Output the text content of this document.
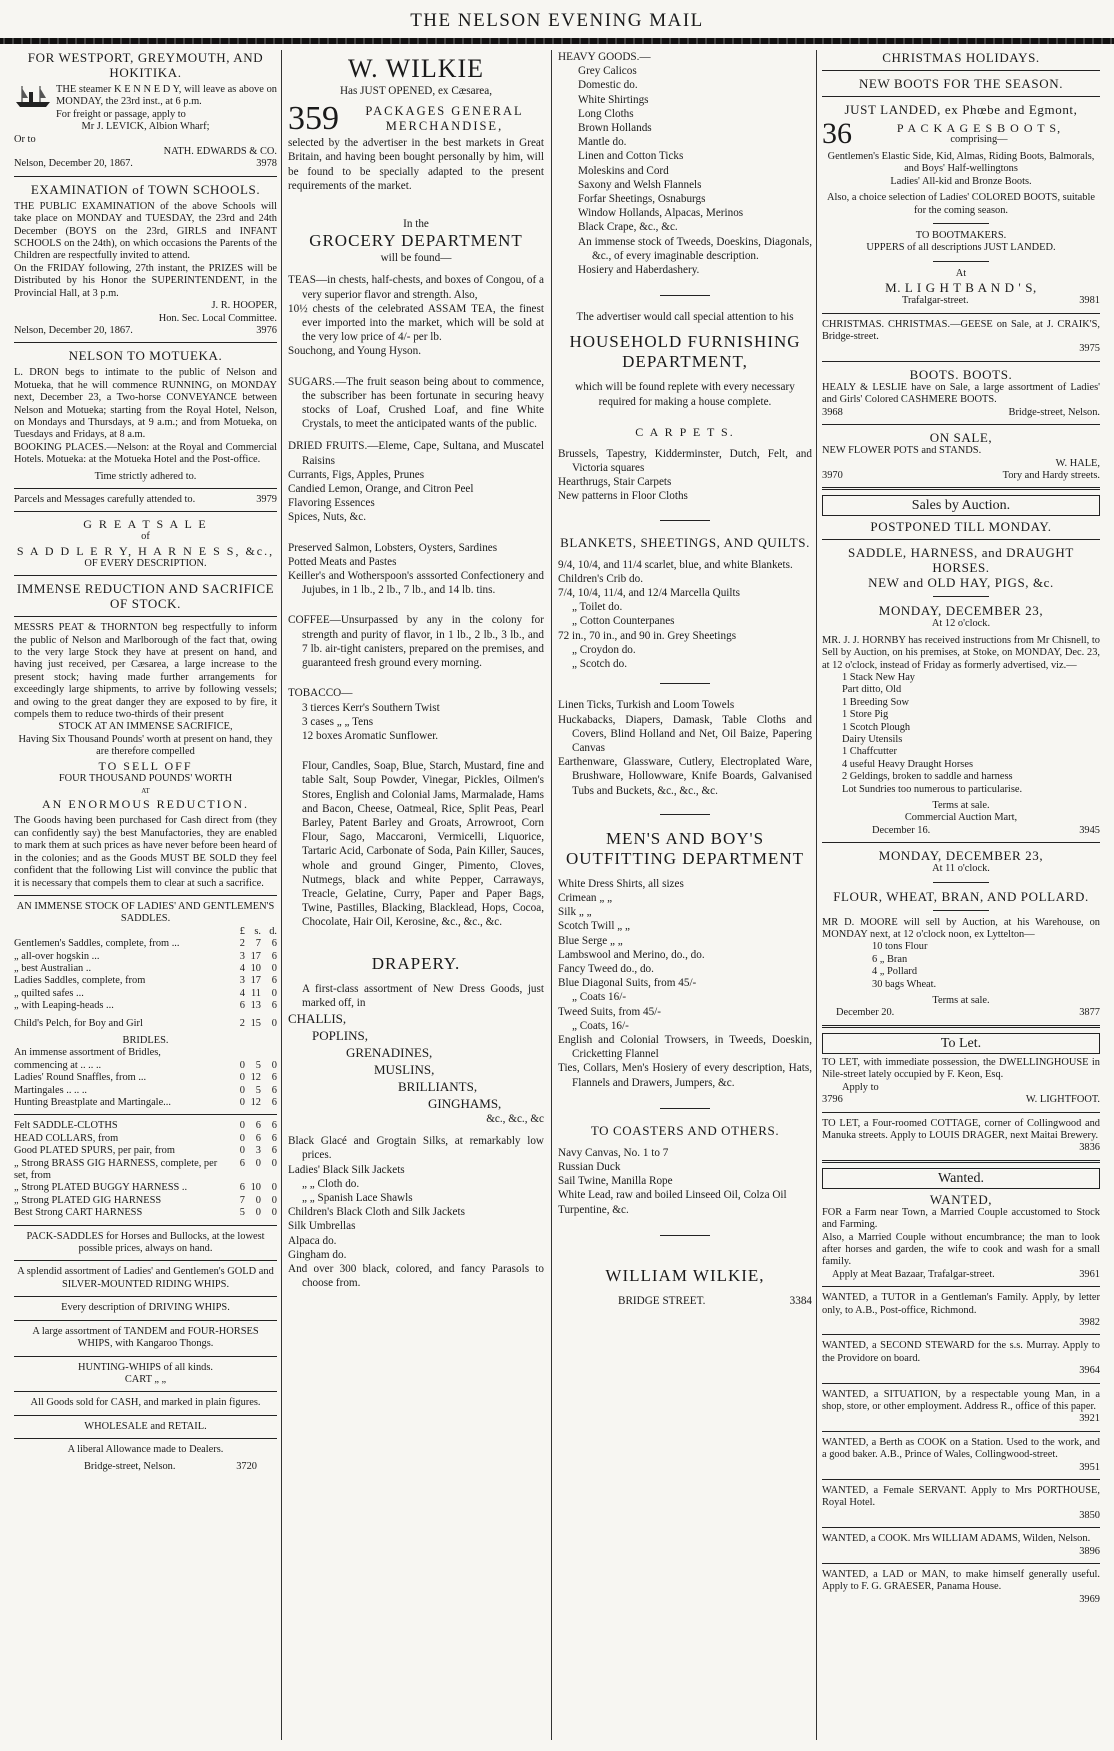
THE NELSON EVENING MAIL

FOR WESTPORT, GREYMOUTH, AND HOKITIKA.

THE steamer K E N N E D Y, will leave as above on MONDAY, the 23rd inst., at 6 p.m.

For freight or passage, apply to

Mr J. LEVICK, Albion Wharf;

Or to

NATH. EDWARDS & CO.

Nelson, December 20, 1867.	3978

EXAMINATION of TOWN SCHOOLS.

THE PUBLIC EXAMINATION of the above Schools will take place on MONDAY and TUESDAY, the 23rd and 24th December (BOYS on the 23rd, GIRLS and INFANT SCHOOLS on the 24th), on which occasions the Parents of the Children are respectfully invited to attend.

On the FRIDAY following, 27th instant, the PRIZES will be Distributed by his Honor the SUPERINTENDENT, in the Provincial Hall, at 3 p.m.

J. R. HOOPER,

Hon. Sec. Local Committee.

Nelson, December 20, 1867.	3976

NELSON TO MOTUEKA.

L. DRON begs to intimate to the public of Nelson and Motueka, that he will commence RUNNING, on MONDAY next, December 23, a Two-horse CONVEYANCE between Nelson and Motueka; starting from the Royal Hotel, Nelson, on Mondays and Thursdays, at 9 a.m.; and from Motueka, on Tuesdays and Fridays, at 8 a.m.

BOOKING PLACES.—Nelson: at the Royal and Commercial Hotels. Motueka: at the Motueka Hotel and the Post-office.

Time strictly adhered to.

Parcels and Messages carefully attended to.	3979

G R E A T S A L E

of

S A D D L E R Y, H A R N E S S, &c.,

OF EVERY DESCRIPTION.

IMMENSE REDUCTION AND SACRIFICE OF STOCK.

MESSRS PEAT & THORNTON beg respectfully to inform the public of Nelson and Marlborough of the fact that, owing to the very large Stock they have at present on hand, and having just received, per Cæsarea, a large increase to the present stock; having made further arrangements for exceedingly large shipments, to arrive by following vessels; and owing to the great danger they are exposed to by fire, it compels them to reduce two-thirds of their present

STOCK AT AN IMMENSE SACRIFICE,

Having Six Thousand Pounds' worth at present on hand, they are therefore compelled

TO SELL OFF

FOUR THOUSAND POUNDS' WORTH

AT

AN ENORMOUS REDUCTION.

The Goods having been purchased for Cash direct from (they can confidently say) the best Manufactories, they are enabled to mark them at such prices as have never before been heard of in the colonies; and as the Goods MUST BE SOLD they feel confident that the following List will convince the public that it is necessary that compels them to clear at such a sacrifice.

AN IMMENSE STOCK OF LADIES' AND GENTLEMEN'S SADDLES.

£ s. d.
Gentlemen's Saddles, complete, from ...	2	7	6
„ all-over hogskin ...	3 17	6
„ best Australian ..	4 10	0
Ladies Saddles, complete, from	3 17	6
„ quilted safes ...	4 11	0
„ with Leaping-heads ...	6 13	6
Child's Pelch, for Boy and Girl	2 15	0

BRIDLES.

An immense assortment of Bridles,

commencing at .. .. ..	0	5	0
Ladies' Round Snaffles, from ...	0 12	6
Martingales .. .. ..	0	5	6
Hunting Breastplate and Martingale...	0 12	6
Felt SADDLE-CLOTHS	0	6	6
HEAD COLLARS, from	0	6	6
Good PLATED SPURS, per pair, from	0	3	6
„ Strong BRASS GIG HARNESS, complete, per set, from
6	0	0
„ Strong PLATED BUGGY HARNESS ..	6 10	0
„ Strong PLATED GIG HARNESS	7	0	0
Best Strong CART HARNESS	5	0	0

PACK-SADDLES for Horses and Bullocks, at the lowest possible prices, always on hand.

A splendid assortment of Ladies' and Gentlemen's GOLD and SILVER-MOUNTED RIDING WHIPS.

Every description of DRIVING WHIPS.

A large assortment of TANDEM and FOUR-HORSES WHIPS, with Kangaroo Thongs.

HUNTING-WHIPS of all kinds.

CART „ „

All Goods sold for CASH, and marked in plain figures.

WHOLESALE and RETAIL.

A liberal Allowance made to Dealers.

Bridge-street, Nelson.	3720

W. WILKIE

Has JUST OPENED, ex Cæsarea,

359	PACKAGES GENERAL
MERCHANDISE,

selected by the advertiser in the best markets in Great Britain, and having been bought personally by him, will be found to be specially adapted to the present requirements of the market.

In the

GROCERY DEPARTMENT

will be found—

TEAS—in chests, half-chests, and boxes of Congou, of a very superior flavor and strength. Also,

10½ chests of the celebrated ASSAM TEA, the finest ever imported into the market, which will be sold at the very low price of 4/- per lb.

Souchong, and Young Hyson.

SUGARS.—The fruit season being about to commence, the subscriber has been fortunate in securing heavy stocks of Loaf, Crushed Loaf, and fine White Crystals, to meet the anticipated wants of the public.

DRIED FRUITS.—Eleme, Cape, Sultana, and Muscatel Raisins

Currants, Figs, Apples, Prunes

Candied Lemon, Orange, and Citron Peel

Flavoring Essences

Spices, Nuts, &c.

Preserved Salmon, Lobsters, Oysters, Sardines

Potted Meats and Pastes

Keiller's and Wotherspoon's asssorted Confectionery and Jujubes, in 1 lb., 2 lb., 7 lb., and 14 lb. tins.

COFFEE—Unsurpassed by any in the colony for strength and purity of flavor, in 1 lb., 2 lb., 3 lb., and 7 lb. air-tight canisters, prepared on the premises, and guaranteed fresh ground every morning.

TOBACCO—

3 tierces Kerr's Southern Twist

3 cases „ „ Tens

12 boxes Aromatic Sunflower.

Flour, Candles, Soap, Blue, Starch, Mustard, fine and table Salt, Soup Powder, Vinegar, Pickles, Oilmen's Stores, English and Colonial Jams, Marmalade, Hams and Bacon, Cheese, Oatmeal, Rice, Split Peas, Pearl Barley, Patent Barley and Groats, Arrowroot, Corn Flour, Sago, Maccaroni, Vermicelli, Liquorice, Tartaric Acid, Carbonate of Soda, Pain Killer, Sauces, whole and ground Ginger, Pimento, Cloves, Nutmegs, black and white Pepper, Carraways, Treacle, Gelatine, Curry, Paper and Paper Bags, Twine, Pastilles, Blacking, Blacklead, Hops, Cocoa, Chocolate, Hair Oil, Kerosine, &c., &c., &c.

DRAPERY.

A first-class assortment of New Dress Goods, just marked off, in

CHALLIS,

POPLINS,

GRENADINES,

MUSLINS,

BRILLIANTS,

GINGHAMS,

&c., &c., &c

Black Glacé and Grogtain Silks, at remarkably low prices.

Ladies' Black Silk Jackets

„ „ Cloth do.

„ „ Spanish Lace Shawls

Children's Black Cloth and Silk Jackets

Silk Umbrellas

Alpaca do.

Gingham do.

And over 300 black, colored, and fancy Parasols to choose from.

HEAVY GOODS.—

Grey Calicos

Domestic do.

White Shirtings

Long Cloths

Brown Hollands

Mantle do.

Linen and Cotton Ticks

Moleskins and Cord

Saxony and Welsh Flannels

Forfar Sheetings, Osnaburgs

Window Hollands, Alpacas, Merinos

Black Crape, &c., &c.

An immense stock of Tweeds, Doeskins, Diagonals, &c., of every imaginable description.

Hosiery and Haberdashery.

The advertiser would call special attention to his

HOUSEHOLD FURNISHING DEPARTMENT,

which will be found replete with every necessary required for making a house complete.

C A R P E T S.

Brussels, Tapestry, Kidderminster, Dutch, Felt, and Victoria squares

Hearthrugs, Stair Carpets

New patterns in Floor Cloths

BLANKETS, SHEETINGS, AND QUILTS.

9/4, 10/4, and 11/4 scarlet, blue, and white Blankets.

Children's Crib do.

7/4, 10/4, 11/4, and 12/4 Marcella Quilts

„ Toilet do.

„ Cotton Counterpanes

72 in., 70 in., and 90 in. Grey Sheetings

„ Croydon do.

„ Scotch do.

Linen Ticks, Turkish and Loom Towels

Huckabacks, Diapers, Damask, Table Cloths and Covers, Blind Holland and Net, Oil Baize, Papering Canvas

Earthenware, Glassware, Cutlery, Electroplated Ware, Brushware, Hollowware, Knife Boards, Galvanised Tubs and Buckets, &c., &c., &c.

MEN'S AND BOY'S

OUTFITTING DEPARTMENT

White Dress Shirts, all sizes

Crimean „ „

Silk „ „

Scotch Twill „ „

Blue Serge „ „

Lambswool and Merino, do., do.

Fancy Tweed do., do.

Blue Diagonal Suits, from 45/-

„ Coats 16/-

Tweed Suits, from 45/-

„ Coats, 16/-

English and Colonial Trowsers, in Tweeds, Doeskin, Cricketting Flannel

Ties, Collars, Men's Hosiery of every description, Hats, Flannels and Drawers, Jumpers, &c.

TO COASTERS AND OTHERS.

Navy Canvas, No. 1 to 7

Russian Duck

Sail Twine, Manilla Rope

White Lead, raw and boiled Linseed Oil, Colza Oil

Turpentine, &c.

WILLIAM WILKIE,

BRIDGE STREET.	3384

CHRISTMAS HOLIDAYS.

NEW BOOTS FOR THE SEASON.

JUST LANDED, ex Phœbe and Egmont,

36	P A C K A G E S B O O T S,
comprising—

Gentlemen's Elastic Side, Kid, Almas, Riding Boots, Balmorals, and Boys' Half-wellingtons

Ladies' All-kid and Bronze Boots.

Also, a choice selection of Ladies' COLORED BOOTS, suitable for the coming season.

TO BOOTMAKERS.

UPPERS of all descriptions JUST LANDED.

At

M. L I G H T B A N D ' S,

Trafalgar-street.	3981

CHRISTMAS. CHRISTMAS.—GEESE on Sale, at J. CRAIK'S, Bridge-street.

3975

BOOTS. BOOTS.

HEALY & LESLIE have on Sale, a large assortment of Ladies' and Girls' Colored CASHMERE BOOTS.

3968	Bridge-street, Nelson.

ON SALE,

NEW FLOWER POTS and STANDS.

W. HALE,

3970	Tory and Hardy streets.

Sales by Auction.

POSTPONED TILL MONDAY.

SADDLE, HARNESS, and DRAUGHT HORSES.

NEW and OLD HAY, PIGS, &c.

MONDAY, DECEMBER 23,

At 12 o'clock.

MR. J. J. HORNBY has received instructions from Mr Chisnell, to Sell by Auction, on his premises, at Stoke, on MONDAY, Dec. 23, at 12 o'clock, instead of Friday as formerly advertised, viz.—

1 Stack New Hay

Part ditto, Old

1 Breeding Sow

1 Store Pig

1 Scotch Plough

Dairy Utensils

1 Chaffcutter

4 useful Heavy Draught Horses

2 Geldings, broken to saddle and harness

Lot Sundries too numerous to particularise.

Terms at sale.

Commercial Auction Mart,

December 16.	3945

MONDAY, DECEMBER 23,

At 11 o'clock.

FLOUR, WHEAT, BRAN, AND POLLARD.

MR D. MOORE will sell by Auction, at his Warehouse, on MONDAY next, at 12 o'clock noon, ex Lyttelton—

10 tons Flour

6 „ Bran

4 „ Pollard

30 bags Wheat.

Terms at sale.

December 20.	3877

To Let.

TO LET, with immediate possession, the DWELLINGHOUSE in Nile-street lately occupied by F. Keon, Esq.

Apply to

3796	W. LIGHTFOOT.

TO LET, a Four-roomed COTTAGE, corner of Collingwood and Manuka streets. Apply to LOUIS DRAGER, next Maitai Brewery.

3836

Wanted.

WANTED,

FOR a Farm near Town, a Married Couple accustomed to Stock and Farming.

Also, a Married Couple without encumbrance; the man to look after horses and garden, the wife to cook and wash for a small family.

Apply at Meat Bazaar, Trafalgar-street.	3961

WANTED, a TUTOR in a Gentleman's Family. Apply, by letter only, to A.B., Post-office, Richmond.

3982

WANTED, a SECOND STEWARD for the s.s. Murray. Apply to the Providore on board.

3964

WANTED, a SITUATION, by a respectable young Man, in a shop, store, or other employment. Address R., office of this paper.

3921

WANTED, a Berth as COOK on a Station. Used to the work, and a good baker. A.B., Prince of Wales, Collingwood-street.

3951

WANTED, a Female SERVANT. Apply to Mrs PORTHOUSE, Royal Hotel.

3850

WANTED, a COOK. Mrs WILLIAM ADAMS, Wilden, Nelson.

3896

WANTED, a LAD or MAN, to make himself generally useful. Apply to F. G. GRAESER, Panama House.

3969
